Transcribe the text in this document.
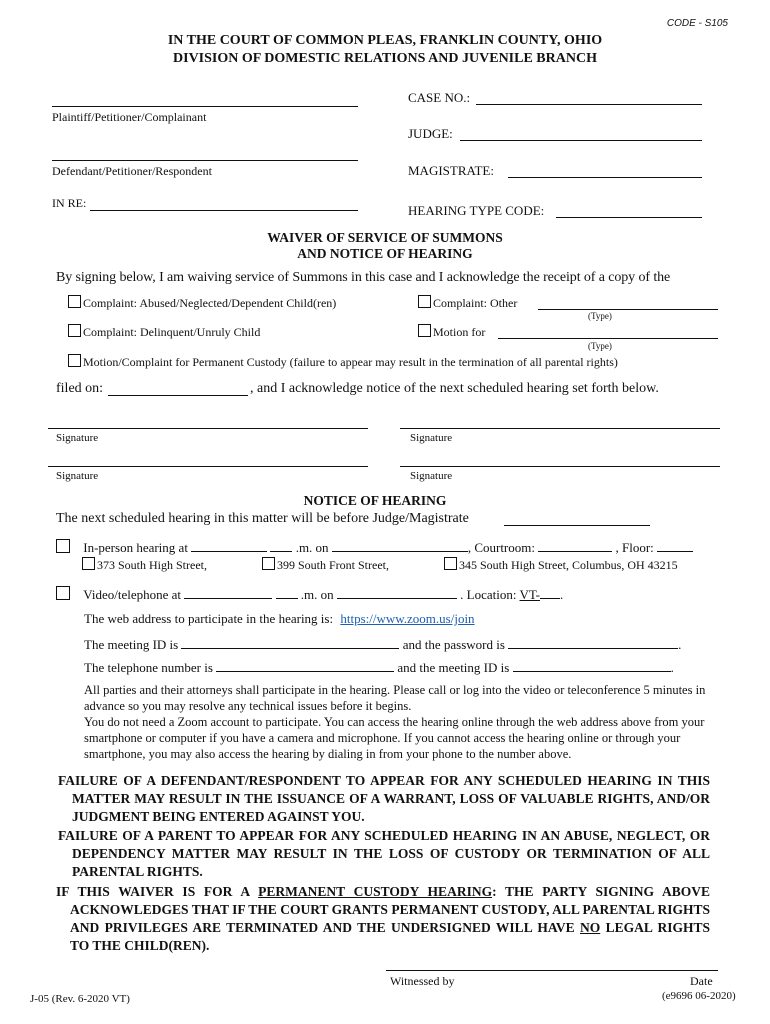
CODE - S105
IN THE COURT OF COMMON PLEAS, FRANKLIN COUNTY, OHIO
DIVISION OF DOMESTIC RELATIONS AND JUVENILE BRANCH
Plaintiff/Petitioner/Complainant
Defendant/Petitioner/Respondent
IN RE:
CASE NO.:
JUDGE:
MAGISTRATE:
HEARING TYPE CODE:
WAIVER OF SERVICE OF SUMMONS
AND NOTICE OF HEARING
By signing below, I am waiving service of Summons in this case and I acknowledge the receipt of a copy of the
Complaint: Abused/Neglected/Dependent Child(ren)	Complaint: Other
(Type)
Complaint: Delinquent/Unruly Child	Motion for
(Type)
Motion/Complaint for Permanent Custody (failure to appear may result in the termination of all parental rights)
filed on:	, and I acknowledge notice of the next scheduled hearing set forth below.
Signature	Signature
Signature	Signature
NOTICE OF HEARING
The next scheduled hearing in this matter will be before Judge/Magistrate
In-person hearing at	.m. on	, Courtroom:	, Floor:
373 South High Street,	399 South Front Street,	345 South High Street, Columbus, OH 43215
Video/telephone at	.m. on	. Location: VT- .
The web address to participate in the hearing is: https://www.zoom.us/join
The meeting ID is	and the password is	.
The telephone number is	and the meeting ID is	.
All parties and their attorneys shall participate in the hearing. Please call or log into the video or teleconference 5 minutes in advance so you may resolve any technical issues before it begins.
You do not need a Zoom account to participate. You can access the hearing online through the web address above from your smartphone or computer if you have a camera and microphone. If you cannot access the hearing online or through your smartphone, you may also access the hearing by dialing in from your phone to the number above.
FAILURE OF A DEFENDANT/RESPONDENT TO APPEAR FOR ANY SCHEDULED HEARING IN THIS MATTER MAY RESULT IN THE ISSUANCE OF A WARRANT, LOSS OF VALUABLE RIGHTS, AND/OR JUDGMENT BEING ENTERED AGAINST YOU.
FAILURE OF A PARENT TO APPEAR FOR ANY SCHEDULED HEARING IN AN ABUSE, NEGLECT, OR DEPENDENCY MATTER MAY RESULT IN THE LOSS OF CUSTODY OR TERMINATION OF ALL PARENTAL RIGHTS.
IF THIS WAIVER IS FOR A PERMANENT CUSTODY HEARING: THE PARTY SIGNING ABOVE ACKNOWLEDGES THAT IF THE COURT GRANTS PERMANENT CUSTODY, ALL PARENTAL RIGHTS AND PRIVILEGES ARE TERMINATED AND THE UNDERSIGNED WILL HAVE NO LEGAL RIGHTS TO THE CHILD(REN).
Witnessed by	Date
J-05 (Rev. 6-2020 VT)	(e9696 06-2020)
